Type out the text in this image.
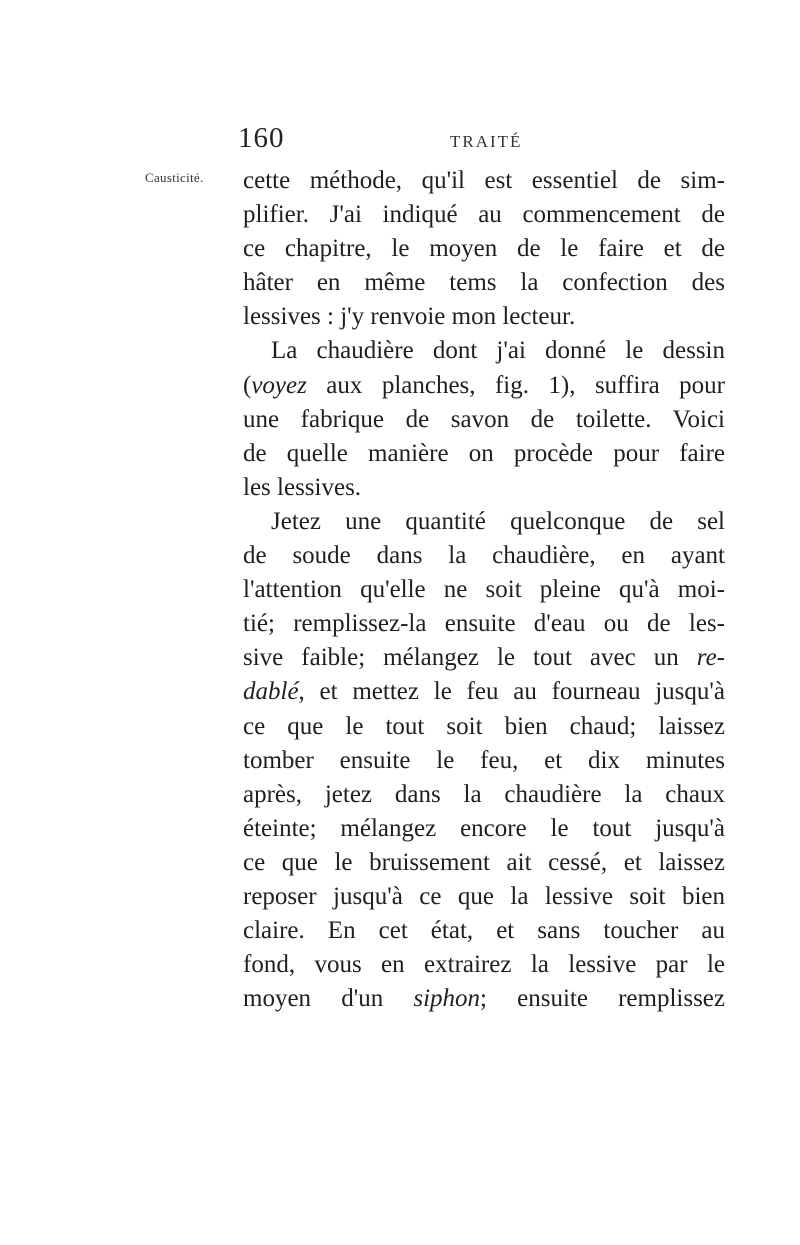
160	TRAITÉ
Causticité. cette méthode, qu'il est essentiel de sim-
plifier. J'ai indiqué au commencement de
ce chapitre, le moyen de le faire et de
hâter en même tems la confection des
lessives : j'y renvoie mon lecteur.
La chaudière dont j'ai donné le dessin
(voyez aux planches, fig. 1), suffira pour
une fabrique de savon de toilette. Voici
de quelle manière on procède pour faire
les lessives.
Jetez une quantité quelconque de sel
de soude dans la chaudière, en ayant
l'attention qu'elle ne soit pleine qu'à moi-
tié; remplissez-la ensuite d'eau ou de les-
sive faible; mélangez le tout avec un re-
dablé, et mettez le feu au fourneau jusqu'à
ce que le tout soit bien chaud; laissez
tomber ensuite le feu, et dix minutes
après, jetez dans la chaudière la chaux
éteinte; mélangez encore le tout jusqu'à
ce que le bruissement ait cessé, et laissez
reposer jusqu'à ce que la lessive soit bien
claire. En cet état, et sans toucher au
fond, vous en extrairez la lessive par le
moyen d'un siphon; ensuite remplissez
